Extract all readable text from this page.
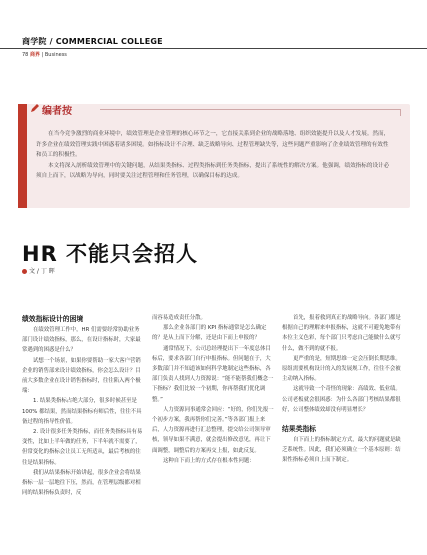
商学院 / COMMERCIAL COLLEGE
78 商界 | Business
编者按

在当今竞争激烈的商业环境中，绩效管理是企业管理的核心环节之一，它直接关系到企业的战略落地、组织效能提升以及人才发展。然而，许多企业在绩效管理实践中困惑着诸多困境。如指标设计不合理、缺乏战略导向、过程管理缺失等，这些问题严重影响了企业绩效管理的有效性和员工的积极性。

本文将深入剖析绩效管理中的关键问题，从结果类指标、过程类指标到任务类指标，提出了系统性的解决方案。他强调，绩效指标的设计必须自上而下，以战略为导向，同时要关注过程管理和任务管理，以确保目标的达成。

HR 不能只会招人
文 / 丁 晖

绩效指标设计的困境

在绩效管理工作中，HR 们需要经常协助业务部门设计绩效指标，那么，在设计指标时，大家最常遇到的困惑是什么？

试想一个场景，如果你要帮助一家大客户营销企业的销售部来设计绩效指标，你会怎么设计？目前大多数企业在设计销售指标时，往往陷入两个极端：

1. 结果类指标占绝大部分，很多时候甚至是 100% 都结果，然而结果指标有师后性，往往不具备过程的指导性价值。

2. 设计很多任务类指标，而任务类指标具有易变性，比如上半年做的任务，下半年就不需要了，但常变化的指标会让员工无所适从，最后考核的往往是结果指标。

我们从结果指标开始讲起，很多企业会将结果指标一层一层地往下压，然而，在管理层级都对相同的结果指标负责时，反

而容易造成责任分散。

那么企业各部门的 KPI 指标通常是怎么确定的？是从上而下分解，还是由下而上申报的？

通常情况下，公司总经理提出下一年度总体目标后，要求各部门自行申报指标。但问题在于，大多数部门并不知道该如何科学地制定这些指标，各部门负责人找到人力资源说：“能不能帮我们概念一下指标？我们比较一个初期，你再帮我们优化调整。”

人力资源同事通常会回应：“好的，你们先报一个初步方案，我再帮你们完善。”等各部门报上来后，人力资源再进行汇总整理，提交给公司领导审核，领导如果不满意，就会提出修改意见，再让下面调整，调整后的方案再交上报，如此反复。

这种自下而上的方式存在根本性问题：

首先，报着救到真正的战略导向。各部门都是根据自己的理解来申报指标，这就不可避免地带有本位主义色彩，每个部门只考虑自己能做什么就写什么，做不到的就不报。

更严重的是，短期思维一定会压倒长期思维。原组需要机构设计的入的发展规工作，往往不会被主动纳入指标。

这就导致一个奇怪的现象：高绩效、低业绩。公司老板就会很困惑：为什么各部门考核结果都很好，公司整体绩效却没有明显增长？

结果类指标

自下而上的指标制定方式，最大的问题就是缺乏系统性。因此，我们必须确立一个基本原则：结果性指标必须自上而下制定。
